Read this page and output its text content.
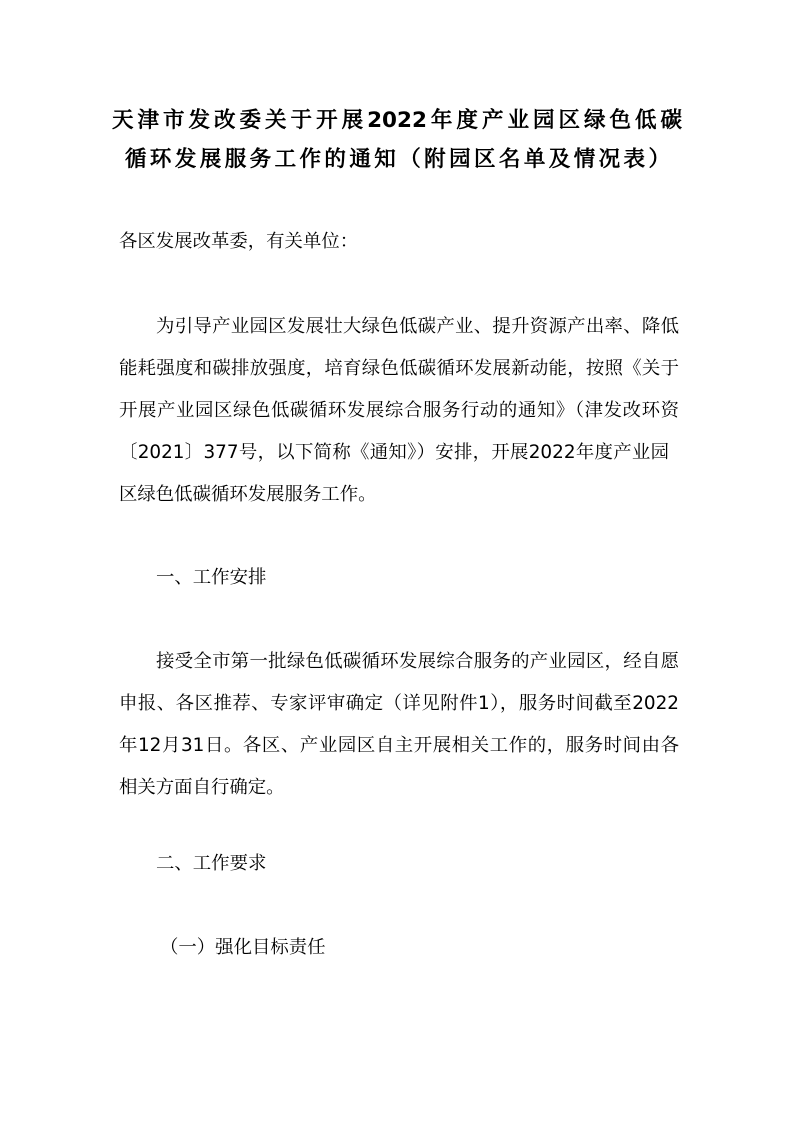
天津市发改委关于开展2022年度产业园区绿色低碳
循环发展服务工作的通知（附园区名单及情况表）
各区发展改革委，有关单位：
为引导产业园区发展壮大绿色低碳产业、提升资源产出率、降低
能耗强度和碳排放强度，培育绿色低碳循环发展新动能，按照《关于
开展产业园区绿色低碳循环发展综合服务行动的通知》（津发改环资
〔2021〕377号，以下简称《通知》）安排，开展2022年度产业园
区绿色低碳循环发展服务工作。
一、工作安排
接受全市第一批绿色低碳循环发展综合服务的产业园区，经自愿
申报、各区推荐、专家评审确定（详见附件1），服务时间截至2022
年12月31日。各区、产业园区自主开展相关工作的，服务时间由各
相关方面自行确定。
二、工作要求
（一）强化目标责任
